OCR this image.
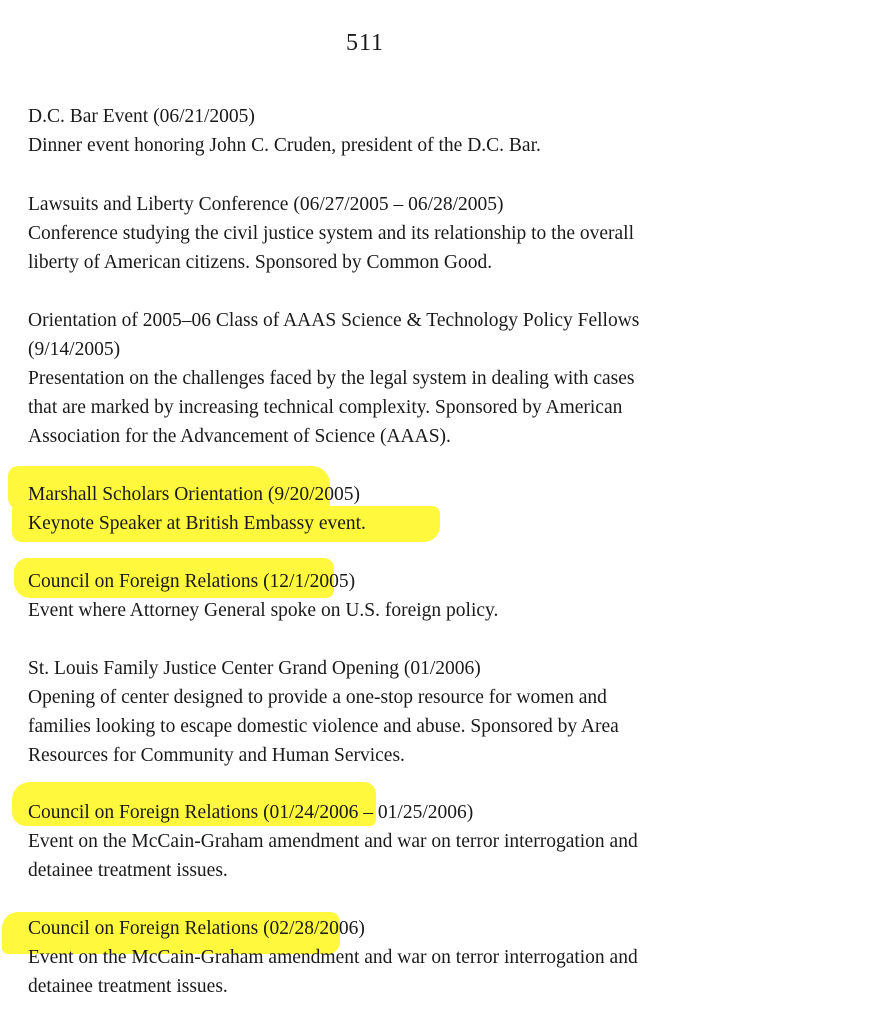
511

D.C. Bar Event (06/21/2005)

Dinner event honoring John C. Cruden, president of the D.C. Bar.

Lawsuits and Liberty Conference (06/27/2005 – 06/28/2005)

Conference studying the civil justice system and its relationship to the overall

liberty of American citizens. Sponsored by Common Good.

Orientation of 2005–06 Class of AAAS Science & Technology Policy Fellows

(9/14/2005)

Presentation on the challenges faced by the legal system in dealing with cases

that are marked by increasing technical complexity. Sponsored by American

Association for the Advancement of Science (AAAS).

Marshall Scholars Orientation (9/20/2005)

Keynote Speaker at British Embassy event.

Council on Foreign Relations (12/1/2005)

Event where Attorney General spoke on U.S. foreign policy.

St. Louis Family Justice Center Grand Opening (01/2006)

Opening of center designed to provide a one-stop resource for women and

families looking to escape domestic violence and abuse. Sponsored by Area

Resources for Community and Human Services.

Council on Foreign Relations (01/24/2006 – 01/25/2006)

Event on the McCain-Graham amendment and war on terror interrogation and

detainee treatment issues.

Council on Foreign Relations (02/28/2006)

Event on the McCain-Graham amendment and war on terror interrogation and

detainee treatment issues.
